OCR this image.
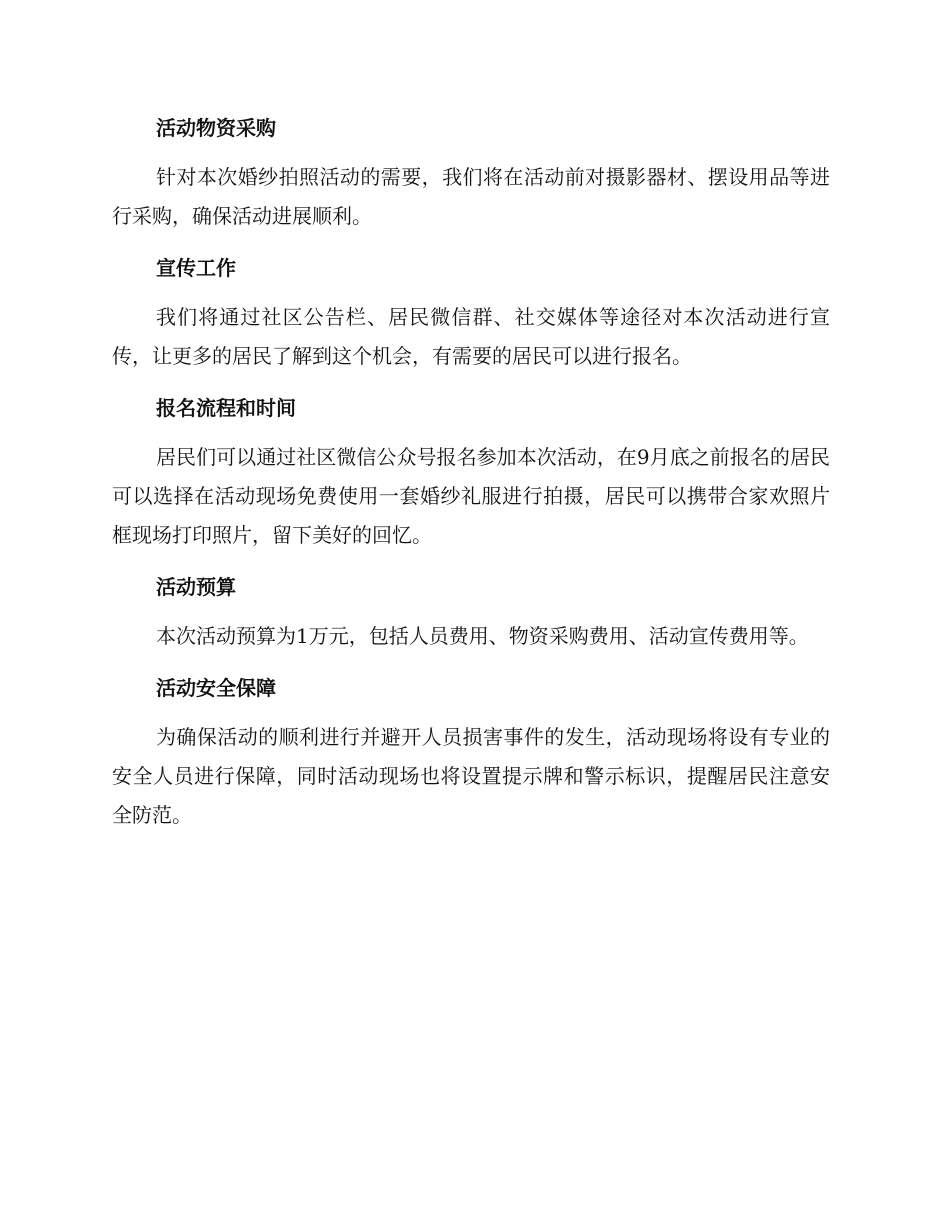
活动物资采购

针对本次婚纱拍照活动的需要，我们将在活动前对摄影器材、摆设用品等进行采购，确保活动进展顺利。

宣传工作

我们将通过社区公告栏、居民微信群、社交媒体等途径对本次活动进行宣传，让更多的居民了解到这个机会，有需要的居民可以进行报名。

报名流程和时间

居民们可以通过社区微信公众号报名参加本次活动，在9月底之前报名的居民可以选择在活动现场免费使用一套婚纱礼服进行拍摄，居民可以携带合家欢照片框现场打印照片，留下美好的回忆。

活动预算

本次活动预算为1万元，包括人员费用、物资采购费用、活动宣传费用等。

活动安全保障

为确保活动的顺利进行并避开人员损害事件的发生，活动现场将设有专业的安全人员进行保障，同时活动现场也将设置提示牌和警示标识，提醒居民注意安全防范。
